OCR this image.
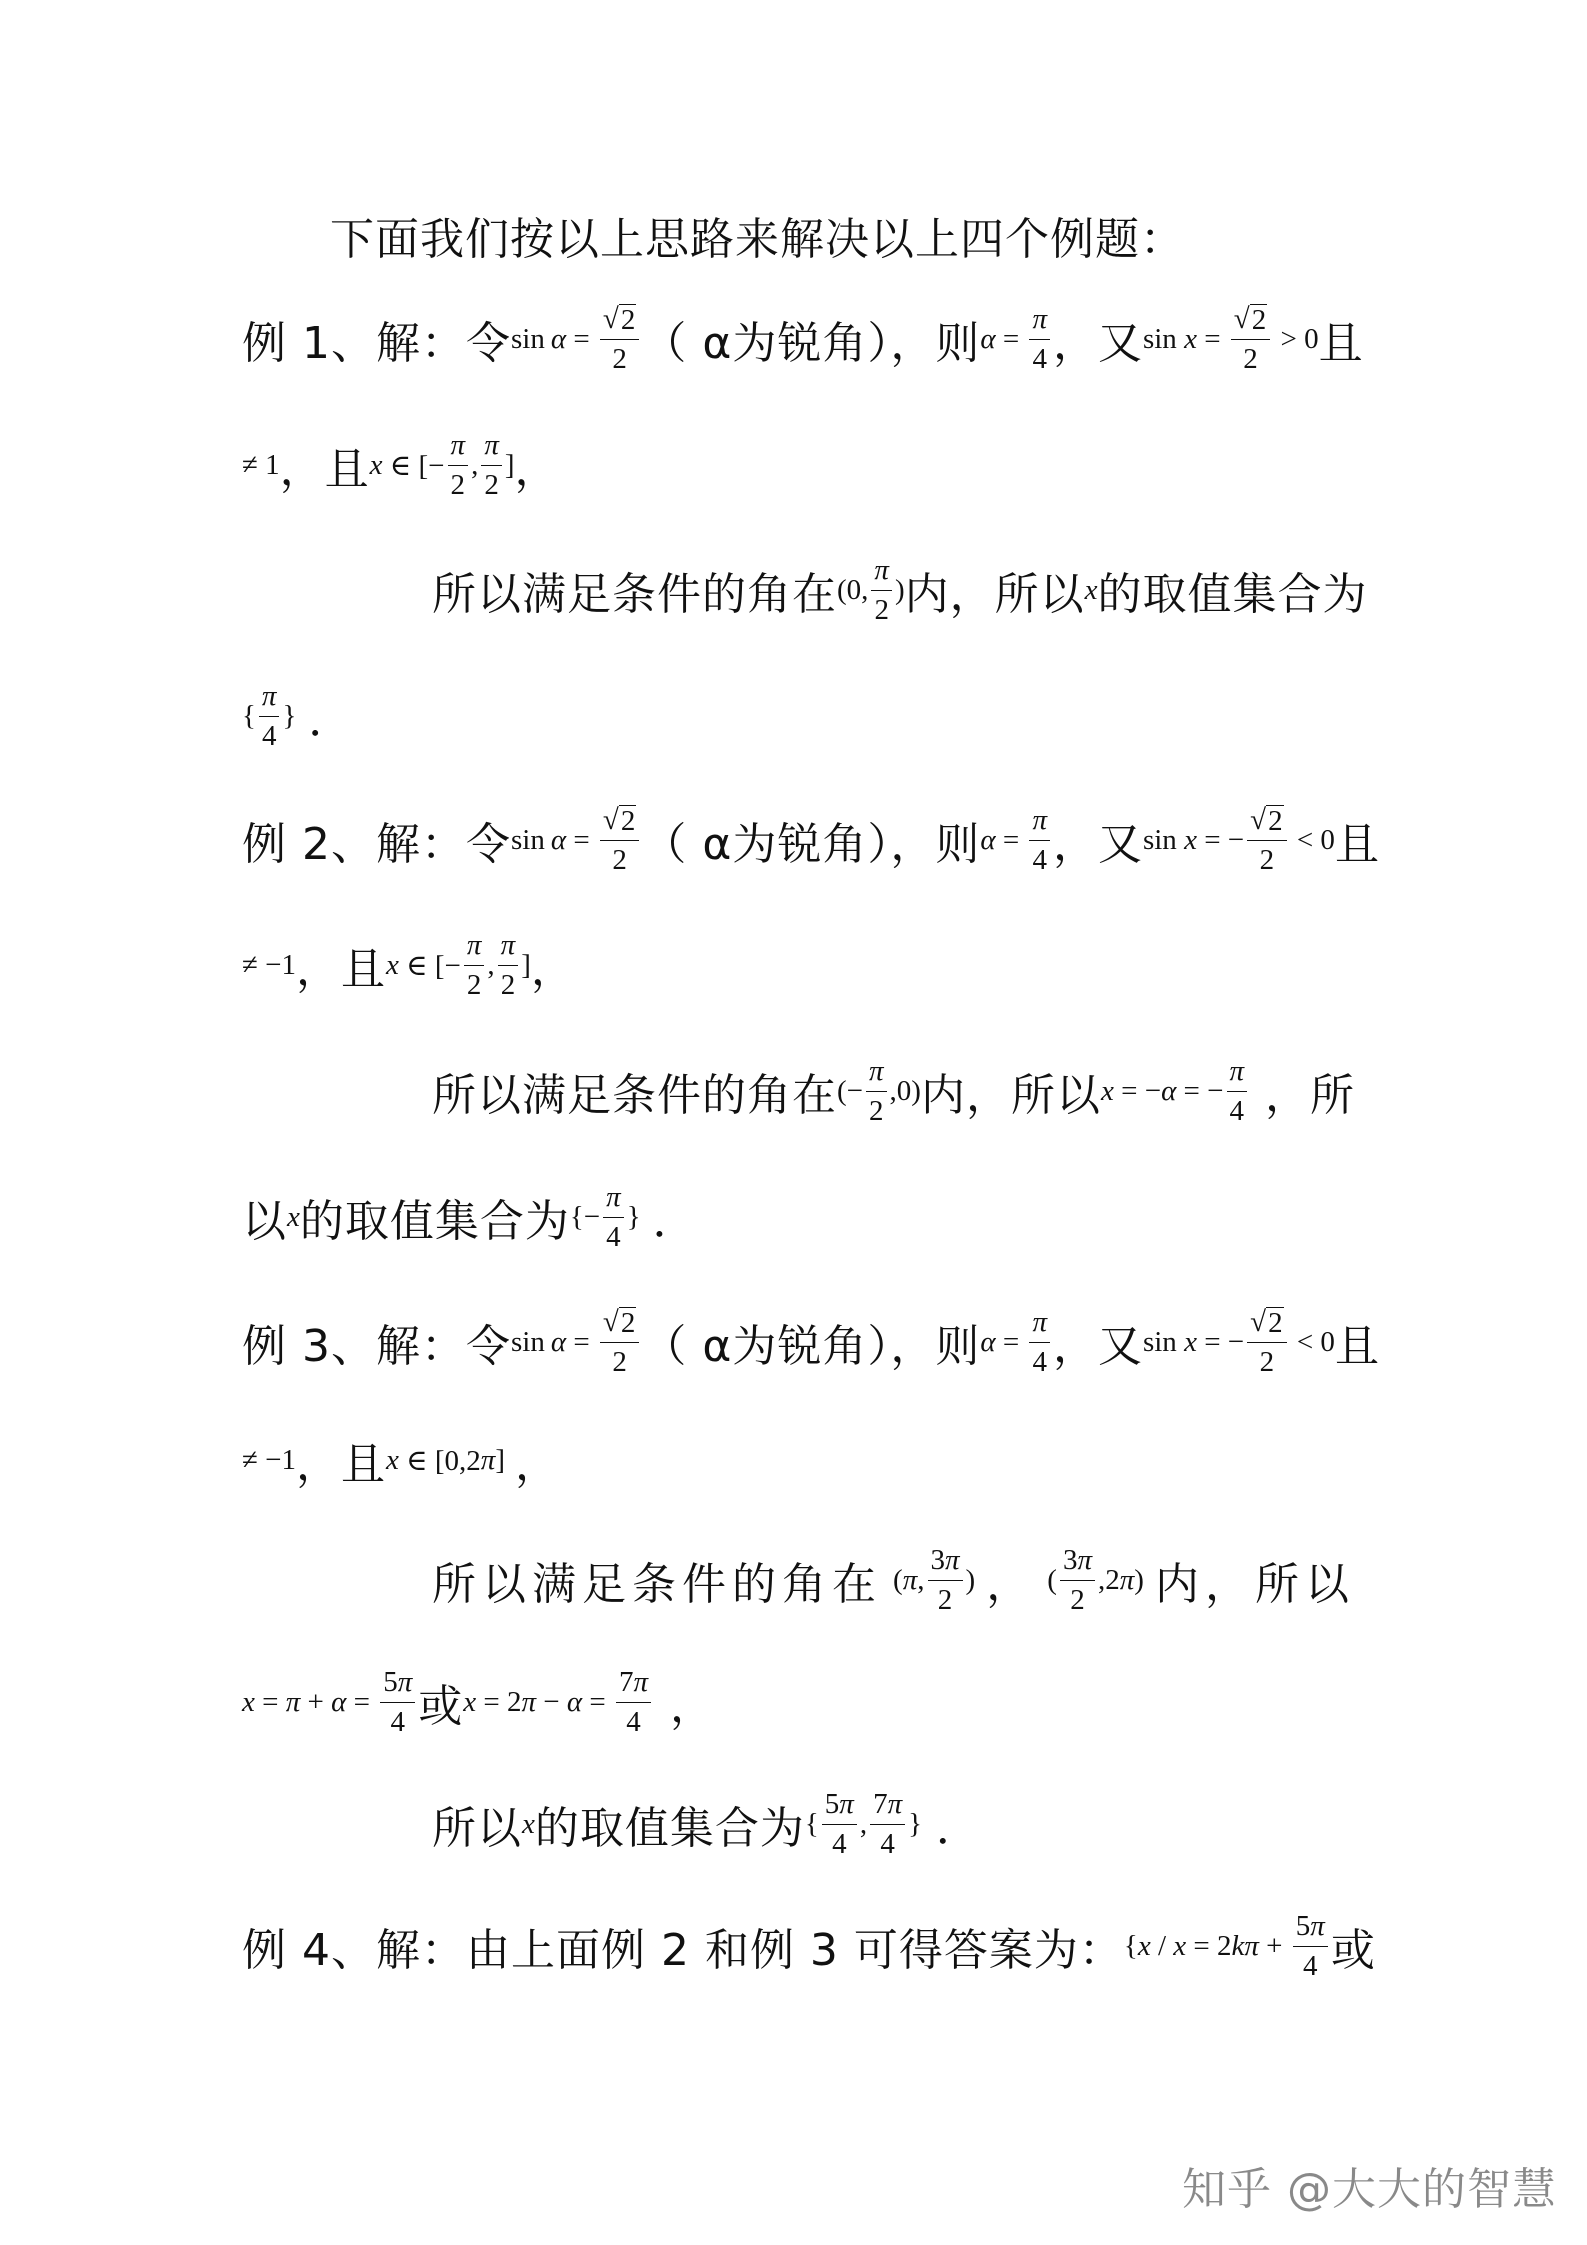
下面我们按以上思路来解决以上四个例题：
例 1、解：令 $\sin \alpha = \frac{√ 2}{2}$ （ α为锐角），则 $\alpha = \frac{\pi}{4}$ ，又 $\sin x = \frac{√ 2}{2} > 0$ 且
≠ 1 ，且 x ∈ [− $\frac{\pi}{2}$ , $\frac{\pi}{2}$ ] ，
所以满足条件的角在 (0, $\frac{\pi}{2}$ ) 内，所以 x 的取值集合为
{ $\frac{\pi}{4}$ } ．
例 2、解：令 $\sin \alpha = \frac{√ 2}{2}$ （ α为锐角），则 $\alpha = \frac{\pi}{4}$ ，又 sin x = − $\frac{√ 2}{2} < 0$ 且
≠ −1 ，且 x ∈ [− $\frac{\pi}{2}$ , $\frac{\pi}{2}$ ] ，
所以满足条件的角在 (− $\frac{\pi}{2} ,0$) 内，所以 x = − α = − $\frac{\pi}{4}$ ，所
以 x 的取值集合为 {− $\frac{\pi}{4}$ } ．
例 3、解：令 $\sin \alpha = \frac{√ 2}{2}$ （ α为锐角），则 $\alpha = \frac{\pi}{4}$ ，又 sin x = − $\frac{√ 2}{2} < 0$ 且
≠ −1 ，且 x ∈ [0,2 π ] ，
所以满足条件的角在 ( π , $\frac{3\pi}{2}$ ) ， ( $\frac{3\pi}{2} ,2$ π ) 内，所以
$x = \pi + \alpha = \frac{5\pi}{4}$ 或 x = 2 $\pi - \alpha = \frac{7\pi}{4}$ ，
所以 x 的取值集合为 { $\frac{5\pi}{4}$ , $\frac{7\pi}{4}$ } ．
例 4、解：由上面例 2 和例 3 可得答案为： { x / x = 2 $k\pi + \frac{5\pi}{4}$ 或
知乎 @大大的智慧
